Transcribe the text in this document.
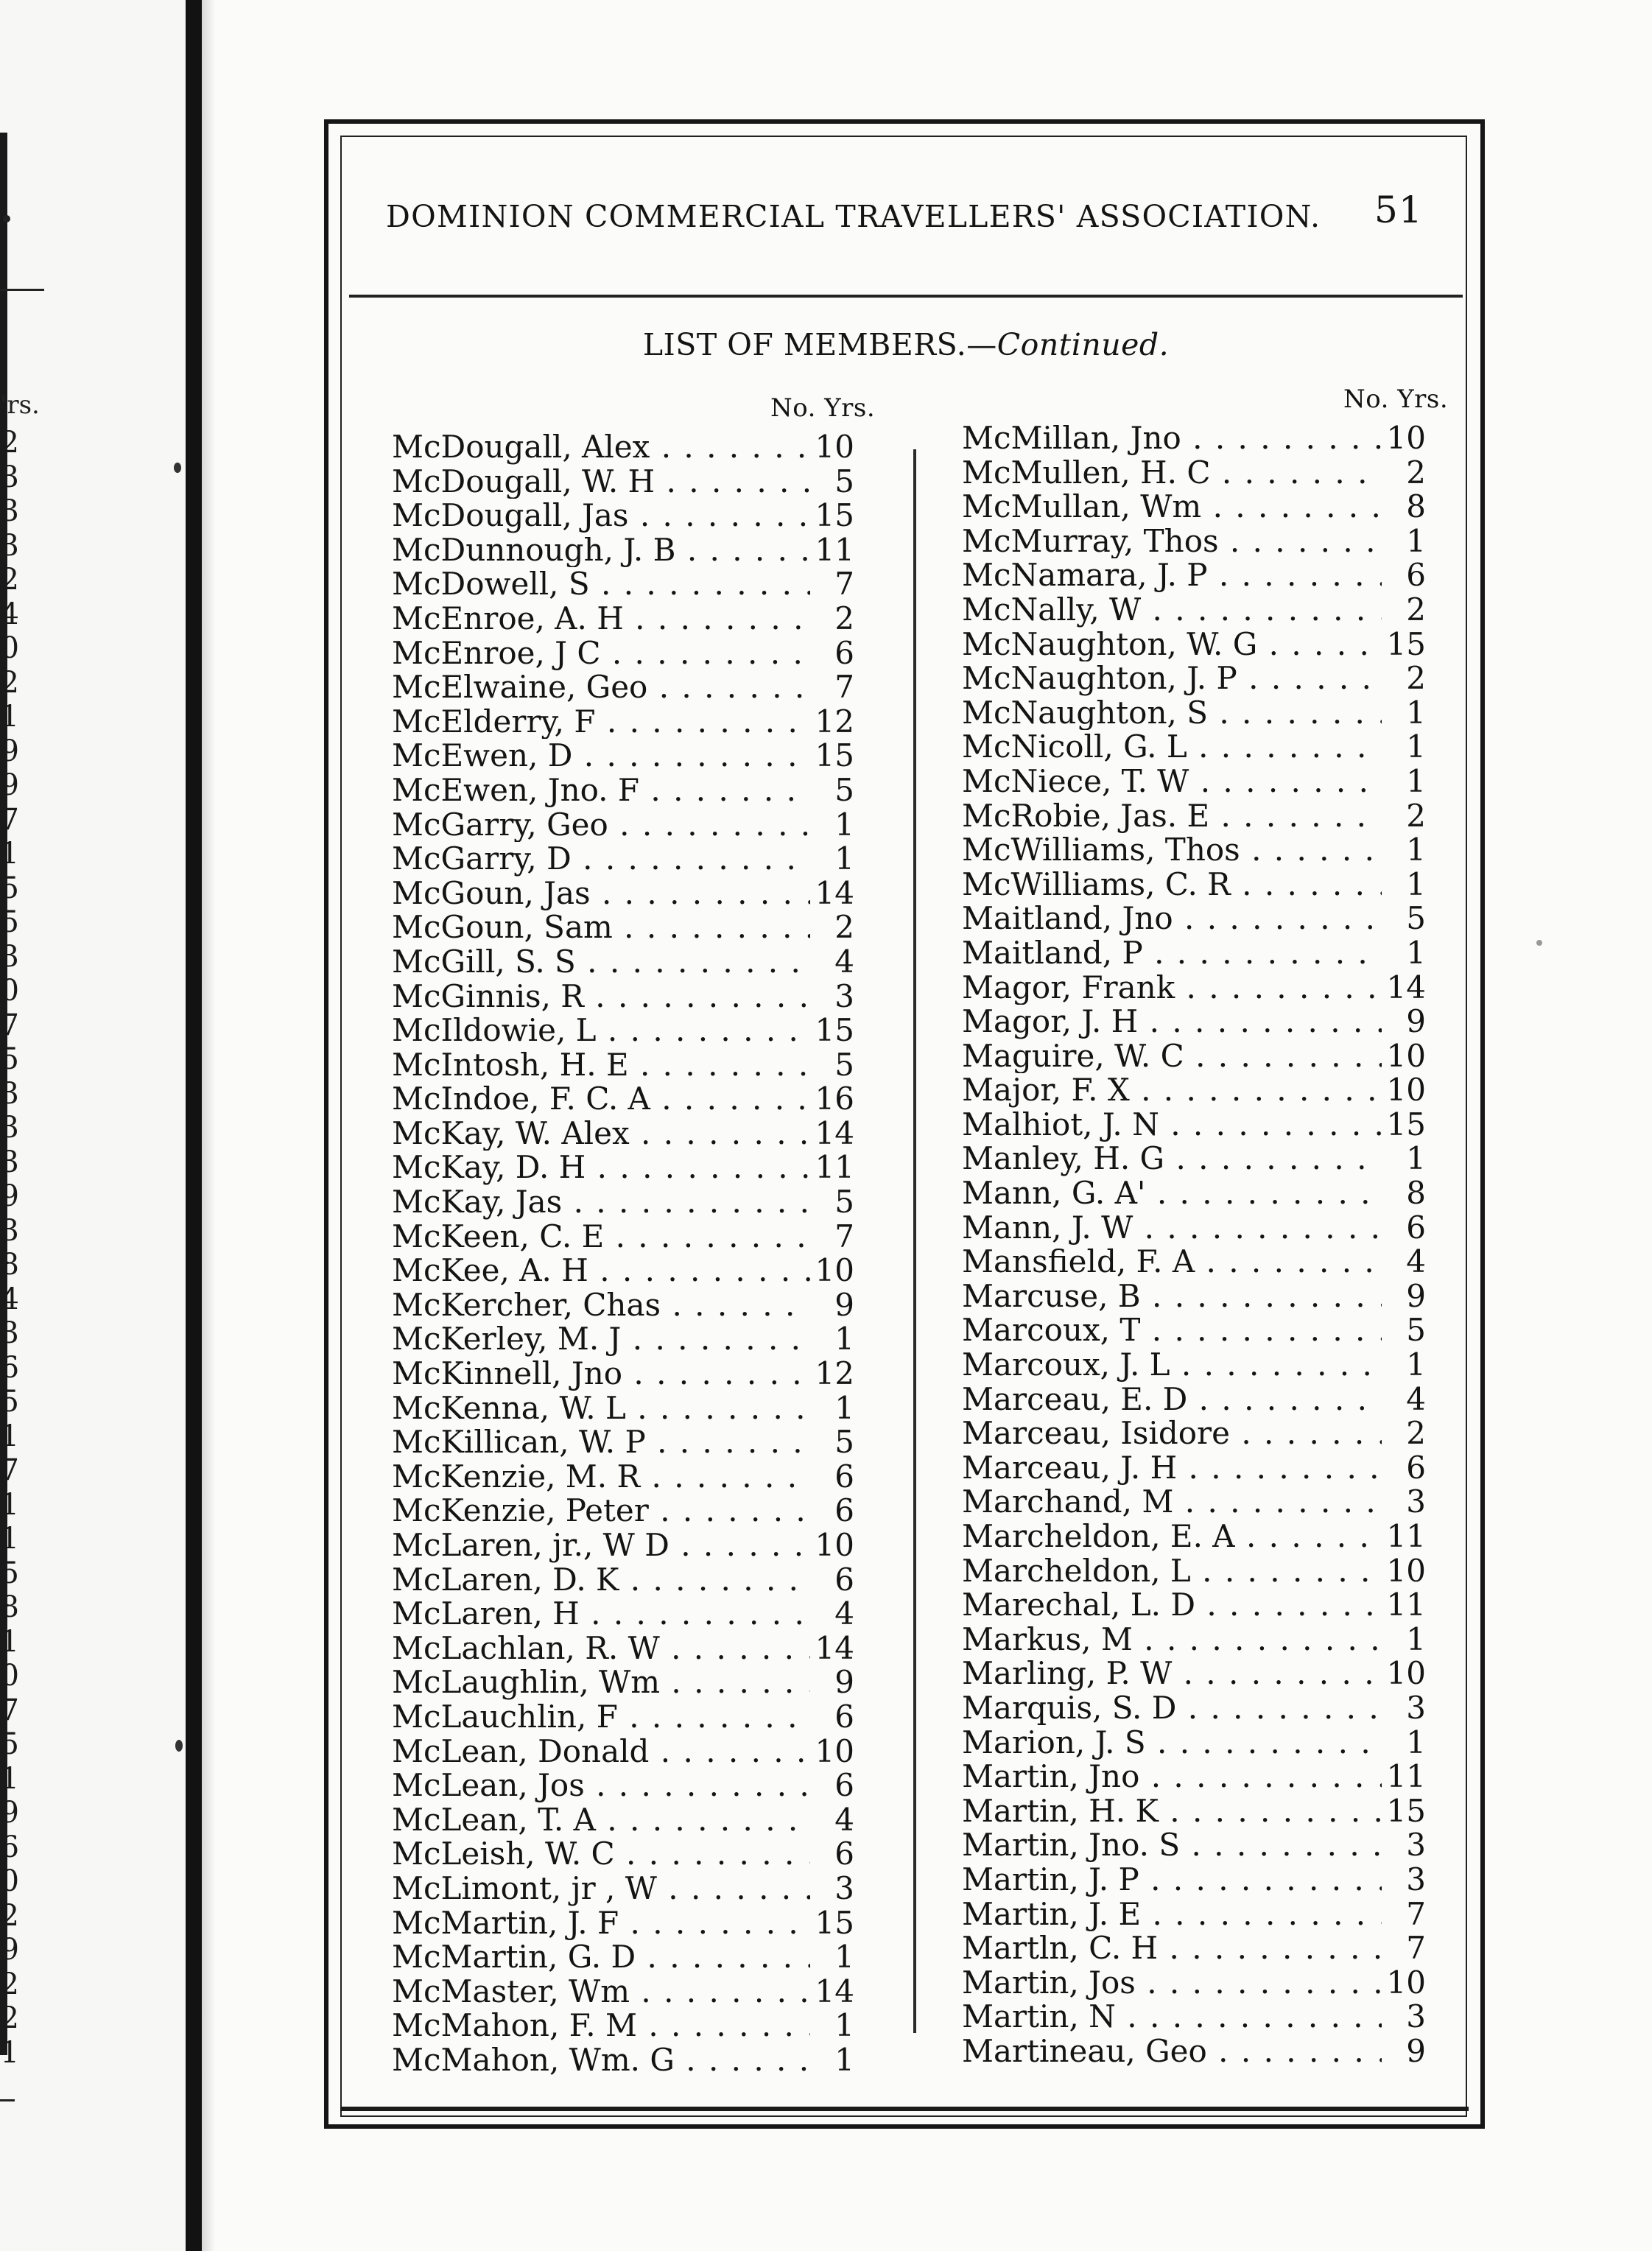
'rs.
2
3
3
3
2
4
0
2
1
9
9
7
1
5
5
3
0
7
5
3
3
3
9
3
8
4
3
6
5
1
7
1
1
5
8
1
0
7
5
1
9
6
0
2
9
2
2
1
DOMINION COMMERCIAL TRAVELLERS' ASSOCIATION. 51
LIST OF MEMBERS.—Continued.
No. Yrs.	No. Yrs.
McDougall, Alex . . .	10
McDougall, W. H . . .	5
McDougall, Jas . . .	15
McDunnough, J. B . . .	11
McDowell, S . . .	7
McEnroe, A. H . . .	2
McEnroe, J C . . .	6
McElwaine, Geo . . .	7
McElderry, F . . .	12
McEwen, D . . .	15
McEwen, Jno. F . . .	5
McGarry, Geo . . .	1
McGarry, D . . .	1
McGoun, Jas . . .	14
McGoun, Sam . . .	2
McGill, S. S . . .	4
McGinnis, R . . .	3
McIldowie, L . . .	15
McIntosh, H. E . . .	5
McIndoe, F. C. A . . .	16
McKay, W. Alex . . .	14
McKay, D. H . . .	11
McKay, Jas . . .	5
McKeen, C. E . . .	7
McKee, A. H . . .	10
McKercher, Chas . . .	9
McKerley, M. J . . .	1
McKinnell, Jno . . .	12
McKenna, W. L . . .	1
McKillican, W. P . . .	5
McKenzie, M. R . . .	6
McKenzie, Peter . . .	6
McLaren, jr., W D . . .	10
McLaren, D. K . . .	6
McLaren, H . . .	4
McLachlan, R. W . . .	14
McLaughlin, Wm . . .	9
McLauchlin, F . . .	6
McLean, Donald . . .	10
McLean, Jos . . .	6
McLean, T. A . . .	4
McLeish, W. C . . .	6
McLimont, jr , W . . .	3
McMartin, J. F . . .	15
McMartin, G. D . . .	1
McMaster, Wm . . .	14
McMahon, F. M . . .	1
McMahon, Wm. G . . .	1
McMillan, Jno . . .	10
McMullen, H. C . . .	2
McMullan, Wm . . .	8
McMurray, Thos . . .	1
McNamara, J. P . . .	6
McNally, W . . .	2
McNaughton, W. G . . .	15
McNaughton, J. P . . .	2
McNaughton, S . . .	1
McNicoll, G. L . . .	1
McNiece, T. W . . .	1
McRobie, Jas. E . . .	2
McWilliams, Thos . . .	1
McWilliams, C. R . . .	1
Maitland, Jno . . .	5
Maitland, P . . .	1
Magor, Frank . . .	14
Magor, J. H . . .	9
Maguire, W. C . . .	10
Major, F. X . . .	10
Malhiot, J. N . . .	15
Manley, H. G . . .	1
Mann, G. A' . . .	8
Mann, J. W . . .	6
Mansfield, F. A . . .	4
Marcuse, B . . .	9
Marcoux, T . . .	5
Marcoux, J. L . . .	1
Marceau, E. D . . .	4
Marceau, Isidore . . .	2
Marceau, J. H . . .	6
Marchand, M . . .	3
Marcheldon, E. A . . .	11
Marcheldon, L . . .	10
Marechal, L. D . . .	11
Markus, M . . .	1
Marling, P. W . . .	10
Marquis, S. D . . .	3
Marion, J. S . . .	1
Martin, Jno . . .	11
Martin, H. K . . .	15
Martin, Jno. S . . .	3
Martin, J. P . . .	3
Martin, J. E . . .	7
Martln, C. H . . .	7
Martin, Jos . . .	10
Martin, N . . .	3
Martineau, Geo . . .	9
